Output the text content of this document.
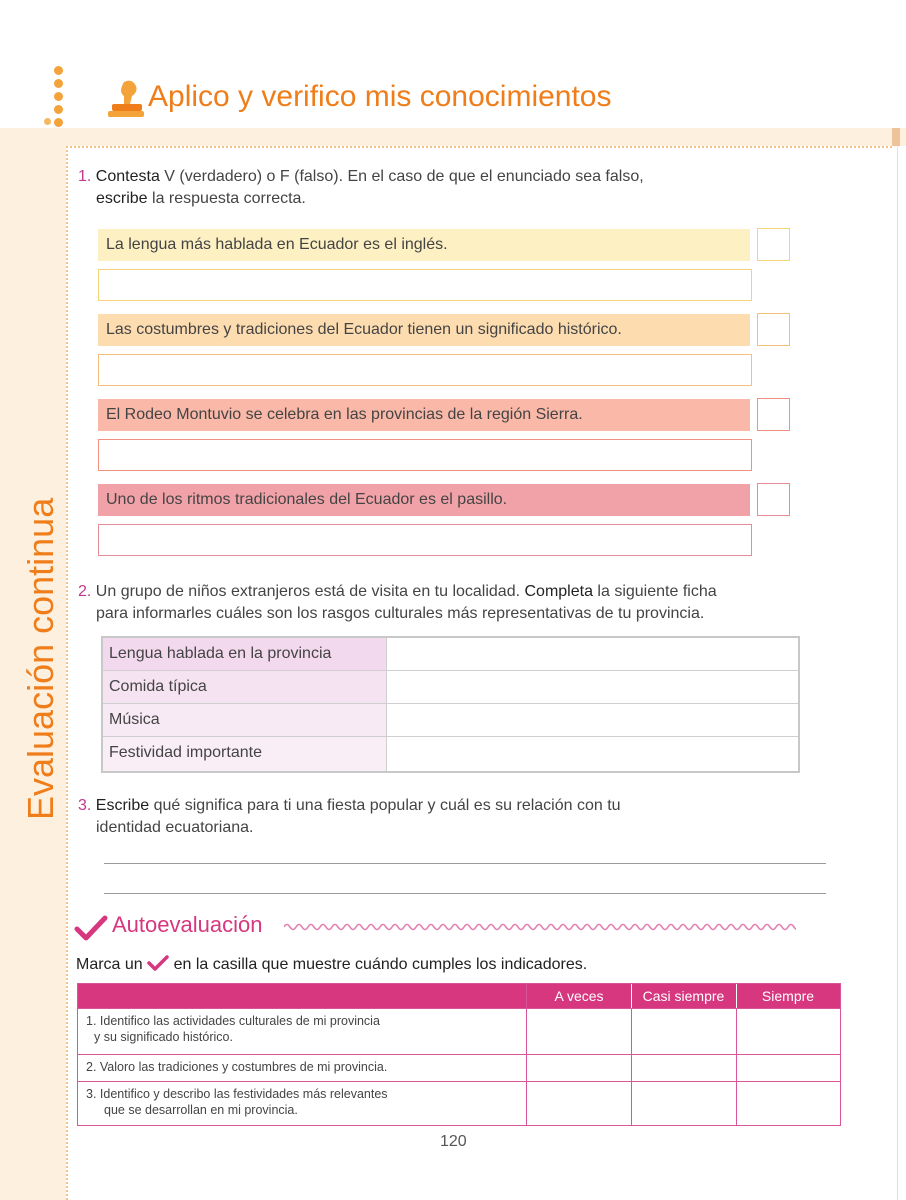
Aplico y verifico mis conocimientos
Evaluación continua
1. Contesta V (verdadero) o F (falso). En el caso de que el enunciado sea falso,
escribe la respuesta correcta.
La lengua más hablada en Ecuador es el inglés.
Las costumbres y tradiciones del Ecuador tienen un significado histórico.
El Rodeo Montuvio se celebra en las provincias de la región Sierra.
Uno de los ritmos tradicionales del Ecuador es el pasillo.
2. Un grupo de niños extranjeros está de visita en tu localidad. Completa la siguiente ficha
para informarles cuáles son los rasgos culturales más representativas de tu provincia.
Lengua hablada en la provincia
Comida típica
Música
Festividad importante
3. Escribe qué significa para ti una fiesta popular y cuál es su relación con tu
identidad ecuatoriana.
Autoevaluación
Marca un en la casilla que muestre cuándo cumples los indicadores.
A veces	Casi siempre	Siempre
1. Identifico las actividades culturales de mi provincia
y su significado histórico.
2. Valoro las tradiciones y costumbres de mi provincia.
3. Identifico y describo las festividades más relevantes
que se desarrollan en mi provincia.
120
